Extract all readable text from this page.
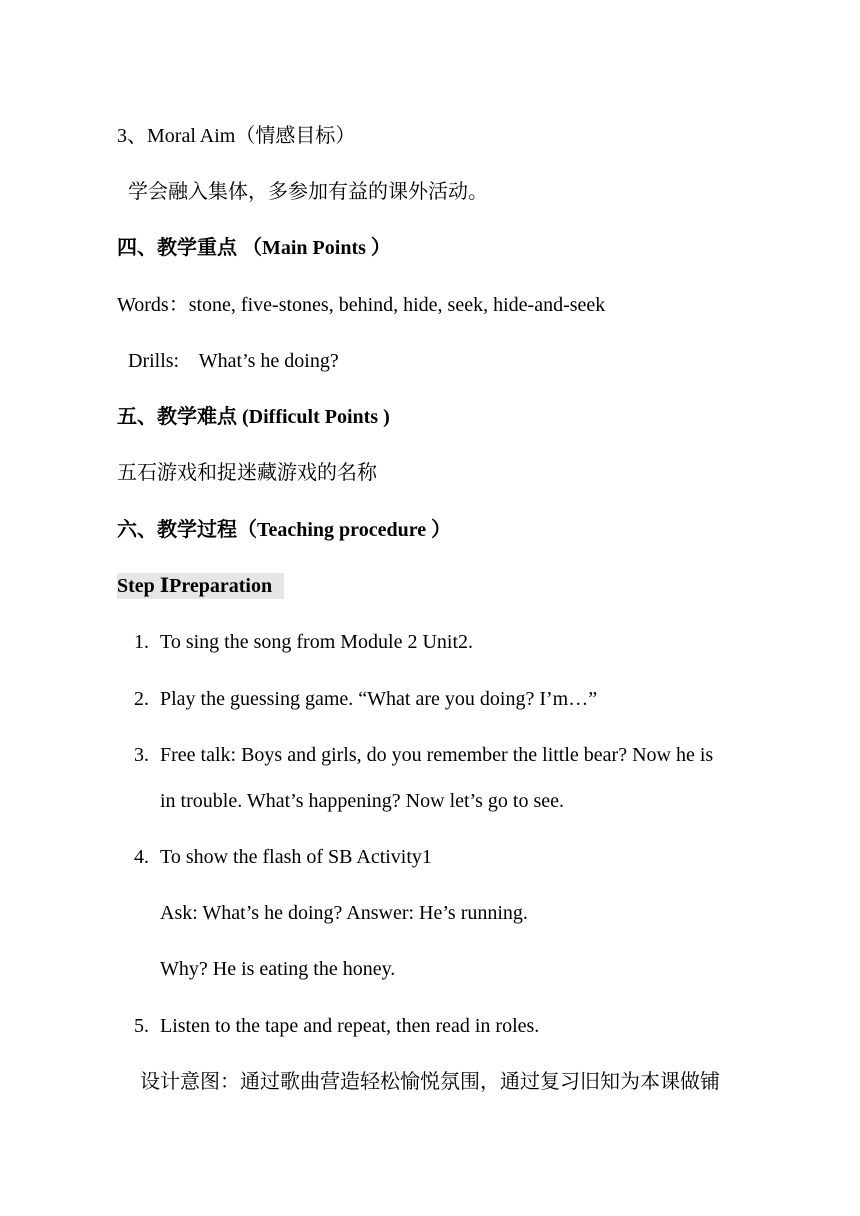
3、Moral Aim（情感目标）
学会融入集体，多参加有益的课外活动。
四、教学重点 （Main Points ）
Words：stone, five-stones, behind, hide, seek, hide-and-seek
Drills:    What’s he doing?
五、教学难点 (Difficult Points )
五石游戏和捉迷藏游戏的名称
六、教学过程（Teaching procedure ）
Step ⅠPreparation
1. To sing the song from Module 2 Unit2.
2. Play the guessing game. “What are you doing? I’m…”
3. Free talk: Boys and girls, do you remember the little bear? Now he is
in trouble. What’s happening? Now let’s go to see.
4. To show the flash of SB Activity1
Ask: What’s he doing? Answer: He’s running.
Why? He is eating the honey.
5. Listen to the tape and repeat, then read in roles.
设计意图：通过歌曲营造轻松愉悦氛围，通过复习旧知为本课做铺
